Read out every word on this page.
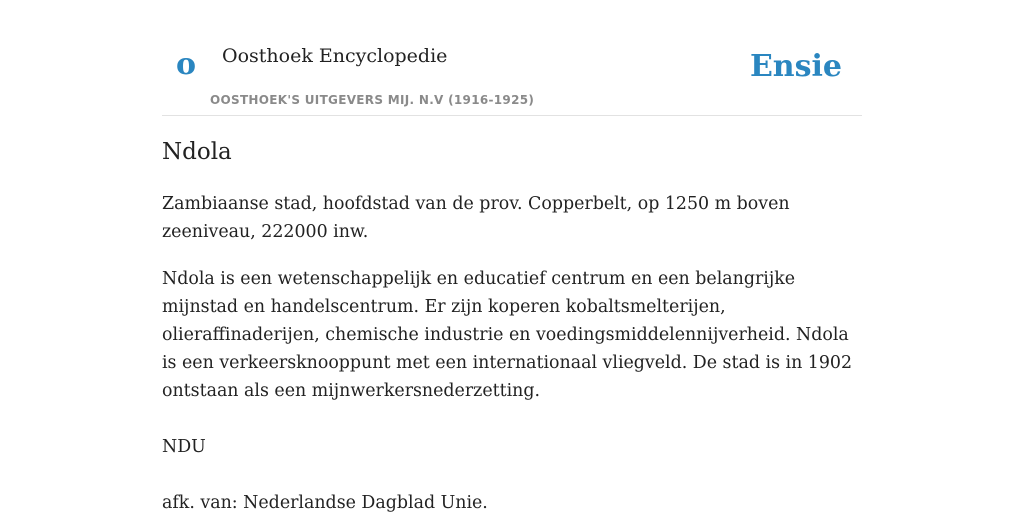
o Oosthoek Encyclopedie
OOSTHOEK'S UITGEVERS MIJ. N.V (1916-1925)
Ensie
Ndola

Zambiaanse stad, hoofdstad van de prov. Copperbelt, op 1250 m boven zeeniveau, 222000 inw.

Ndola is een wetenschappelijk en educatief centrum en een belangrijke mijnstad en handelscentrum. Er zijn koperen kobaltsmelterijen, olieraffinaderijen, chemische industrie en voedingsmiddelennijverheid. Ndola is een verkeersknooppunt met een internationaal vliegveld. De stad is in 1902 ontstaan als een mijnwerkersnederzetting.

NDU

afk. van: Nederlandse Dagblad Unie.
